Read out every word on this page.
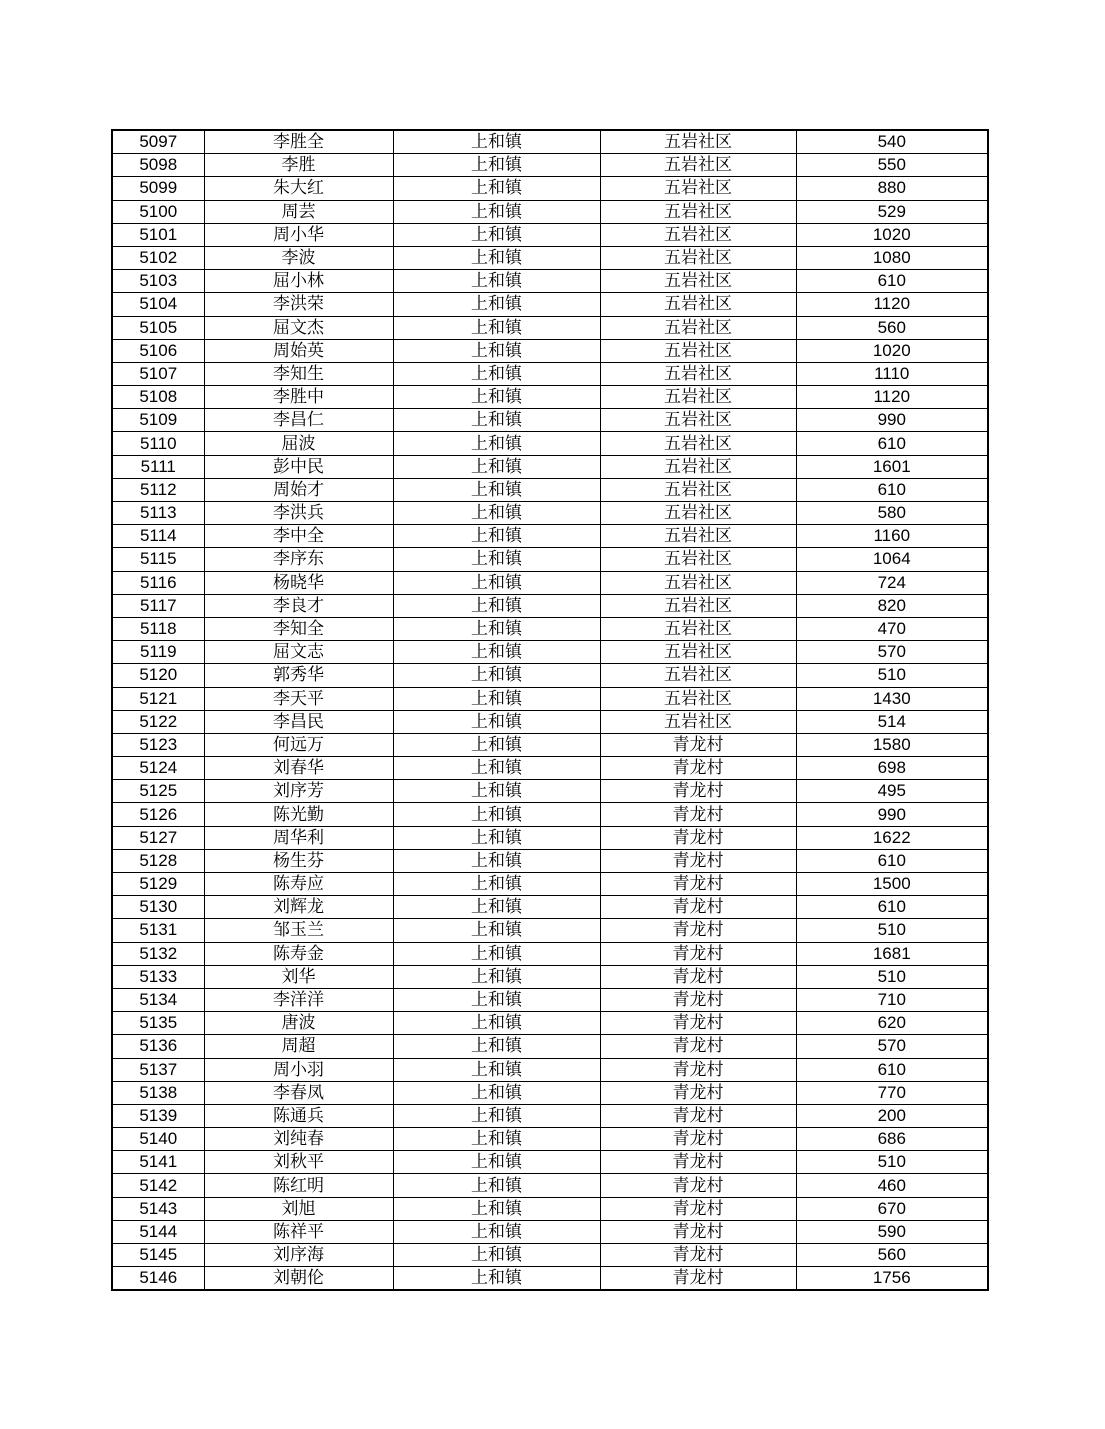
5097	李胜全	上和镇	五岩社区	540
5098	李胜	上和镇	五岩社区	550
5099	朱大红	上和镇	五岩社区	880
5100	周芸	上和镇	五岩社区	529
5101	周小华	上和镇	五岩社区	1020
5102	李波	上和镇	五岩社区	1080
5103	屈小林	上和镇	五岩社区	610
5104	李洪荣	上和镇	五岩社区	1120
5105	屈文杰	上和镇	五岩社区	560
5106	周始英	上和镇	五岩社区	1020
5107	李知生	上和镇	五岩社区	1110
5108	李胜中	上和镇	五岩社区	1120
5109	李昌仁	上和镇	五岩社区	990
5110	屈波	上和镇	五岩社区	610
5111	彭中民	上和镇	五岩社区	1601
5112	周始才	上和镇	五岩社区	610
5113	李洪兵	上和镇	五岩社区	580
5114	李中全	上和镇	五岩社区	1160
5115	李序东	上和镇	五岩社区	1064
5116	杨晓华	上和镇	五岩社区	724
5117	李良才	上和镇	五岩社区	820
5118	李知全	上和镇	五岩社区	470
5119	屈文志	上和镇	五岩社区	570
5120	郭秀华	上和镇	五岩社区	510
5121	李天平	上和镇	五岩社区	1430
5122	李昌民	上和镇	五岩社区	514
5123	何远万	上和镇	青龙村	1580
5124	刘春华	上和镇	青龙村	698
5125	刘序芳	上和镇	青龙村	495
5126	陈光勤	上和镇	青龙村	990
5127	周华利	上和镇	青龙村	1622
5128	杨生芬	上和镇	青龙村	610
5129	陈寿应	上和镇	青龙村	1500
5130	刘辉龙	上和镇	青龙村	610
5131	邹玉兰	上和镇	青龙村	510
5132	陈寿金	上和镇	青龙村	1681
5133	刘华	上和镇	青龙村	510
5134	李洋洋	上和镇	青龙村	710
5135	唐波	上和镇	青龙村	620
5136	周超	上和镇	青龙村	570
5137	周小羽	上和镇	青龙村	610
5138	李春凤	上和镇	青龙村	770
5139	陈通兵	上和镇	青龙村	200
5140	刘纯春	上和镇	青龙村	686
5141	刘秋平	上和镇	青龙村	510
5142	陈红明	上和镇	青龙村	460
5143	刘旭	上和镇	青龙村	670
5144	陈祥平	上和镇	青龙村	590
5145	刘序海	上和镇	青龙村	560
5146	刘朝伦	上和镇	青龙村	1756
